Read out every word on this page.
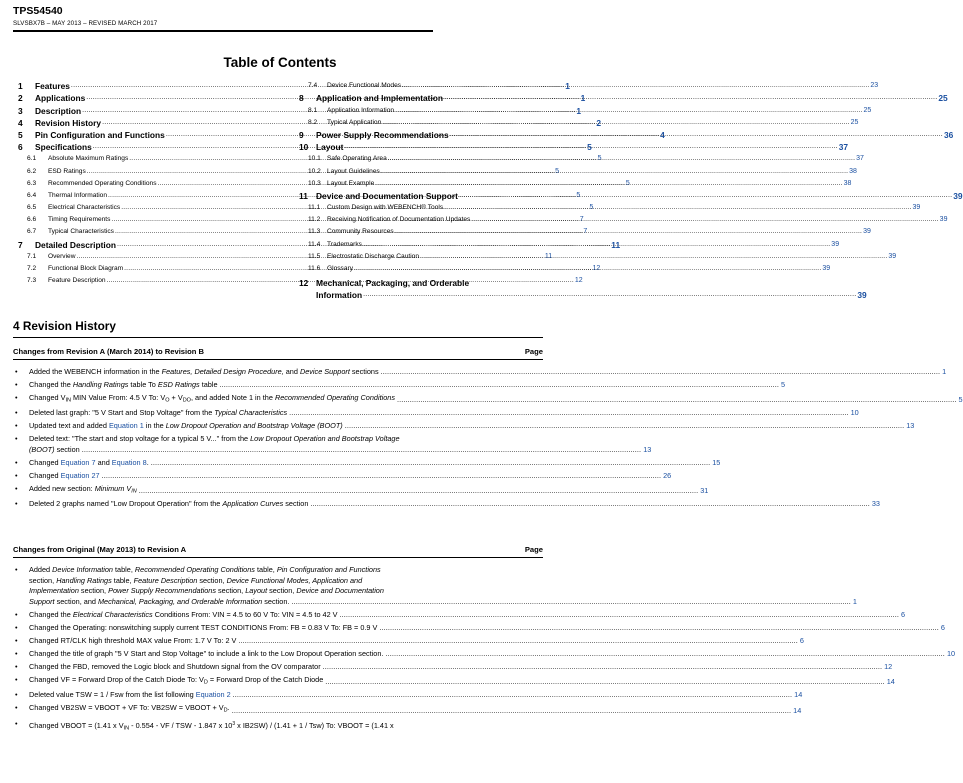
TPS54540
SLVSBX7B – MAY 2013 – REVISED MARCH 2017
Table of Contents
1	Features .....	1
2	Applications .....	1
3	Description .....	1
4	Revision History .....	2
5	Pin Configuration and Functions .....	4
6	Specifications .....	5
6.1 Absolute Maximum Ratings .....	5
6.2 ESD Ratings .....	5
6.3 Recommended Operating Conditions .....	5
6.4 Thermal Information .....	5
6.5 Electrical Characteristics .....	5
6.6 Timing Requirements .....	7
6.7 Typical Characteristics .....	7
7	Detailed Description .....	11
7.1 Overview .....	11
7.2 Functional Block Diagram .....	12
7.3 Feature Description .....	12
7.4 Device Functional Modes .....	23
8	Application and Implementation .....	25
8.1 Application Information .....	25
8.2 Typical Application .....	25
9	Power Supply Recommendations .....	36
10 Layout .....	37
10.1 Safe Operating Area .....	37
10.2 Layout Guidelines .....	38
10.3 Layout Example .....	38
11 Device and Documentation Support .....	39
11.1 Custom Design with WEBENCH® Tools .....	39
11.2 Receiving Notification of Documentation Updates .....	39
11.3 Community Resources .....	39
11.4 Trademarks .....	39
11.5 Electrostatic Discharge Caution .....	39
11.6 Glossary .....	39
12 Mechanical, Packaging, and Orderable
Information .....	39
4 Revision History
Changes from Revision A (March 2014) to Revision B	Page
• Added the WEBENCH information in the Features, Detailed Design Procedure, and Device Support sections .....	1
• Changed the Handling Ratings table To ESD Ratings table .....	5
• Changed $V_{IN}$ MIN Value From: 4.5 V To: $V_O + V_{DO}$, and added Note 1 in the Recommended Operating Conditions .....	5
• Deleted last graph: "5 V Start and Stop Voltage" from the Typical Characteristics .....	10
• Updated text and added Equation 1 in the Low Dropout Operation and Bootstrap Voltage (BOOT) .....	13
• Deleted text: "The start and stop voltage for a typical 5 V..." from the Low Dropout Operation and Bootstrap Voltage
(BOOT) section .....	13
• Changed Equation 7 and Equation 8. .....	15
• Changed Equation 27 .....	26
• Added new section: Minimum $V_{IN}$ .....	31
• Deleted 2 graphs named "Low Dropout Operation" from the Application Curves section .....	33
Changes from Original (May 2013) to Revision A	Page
• Added Device Information table, Recommended Operating Conditions table, Pin Configuration and Functions
section, Handling Ratings table, Feature Description section, Device Functional Modes, Application and
Implementation section, Power Supply Recommendations section, Layout section, Device and Documentation
Support section, and Mechanical, Packaging, and Orderable Information section. .....	1
• Changed the Electrical Characteristics Conditions From: VIN = 4.5 to 60 V To: VIN = 4.5 to 42 V .....	6
• Changed the Operating: nonswitching supply current TEST CONDITIONS From: FB = 0.83 V To: FB = 0.9 V .....	6
• Changed RT/CLK high threshold MAX value From: 1.7 V To: 2 V .....	6
• Changed the title of graph "5 V Start and Stop Voltage" to include a link to the Low Dropout Operation section. .....	10
• Changed the FBD, removed the Logic block and Shutdown signal from the OV comparator .....	12
• Changed VF = Forward Drop of the Catch Diode To: $V_D$ = Forward Drop of the Catch Diode .....	14
• Deleted value TSW = 1 / Fsw from the list following Equation 2 .....	14
• Changed VB2SW = VBOOT + VF To: VB2SW = VBOOT + $V_D$. .....	14
• Changed VBOOT = (1.41 x $V_{IN} - 0.554$ - VF / TSW - 1.847 x $10^3$ x IB2SW) / (1.41 + 1 / Tsw) To: VBOOT = (1.41 x
